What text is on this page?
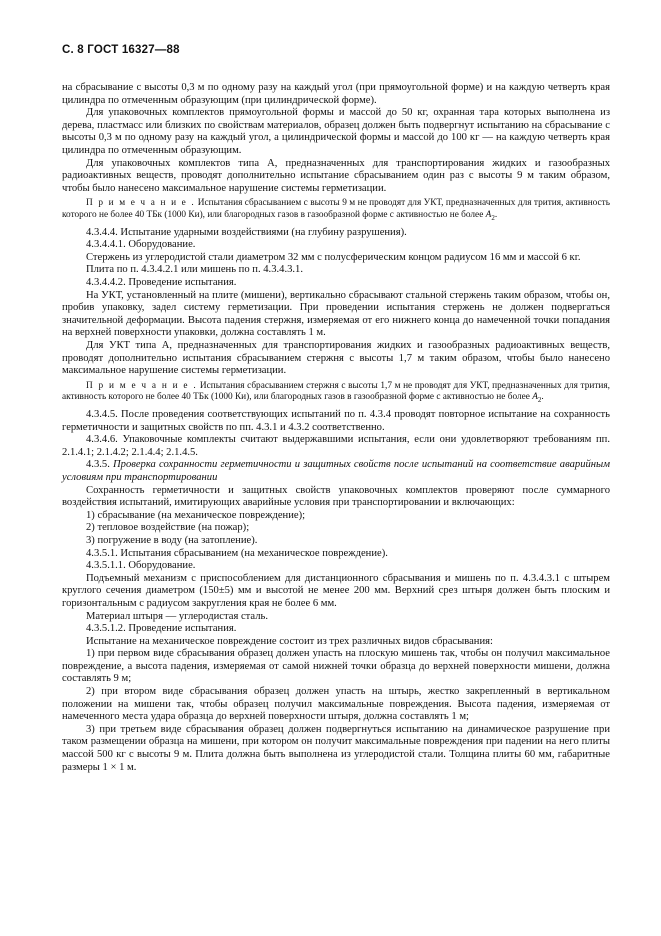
С. 8 ГОСТ 16327—88

на сбрасывание с высоты 0,3 м по одному разу на каждый угол (при прямоугольной форме) и на каждую четверть края цилиндра по отмеченным образующим (при цилиндрической форме).

Для упаковочных комплектов прямоугольной формы и массой до 50 кг, охранная тара которых выполнена из дерева, пластмасс или близких по свойствам материалов, образец должен быть подвергнут испытанию на сбрасывание с высоты 0,3 м по одному разу на каждый угол, а цилиндрической формы и массой до 100 кг — на каждую четверть края цилиндра по отмеченным образующим.

Для упаковочных комплектов типа А, предназначенных для транспортирования жидких и газообразных радиоактивных веществ, проводят дополнительно испытание сбрасыванием один раз с высоты 9 м таким образом, чтобы было нанесено максимальное нарушение системы герметизации.

П р и м е ч а н и е . Испытания сбрасыванием с высоты 9 м не проводят для УКТ, предназначенных для трития, активность которого не более 40 ТБк (1000 Ки), или благородных газов в газообразной форме с активностью не более $A_2$.

4.3.4.4. Испытание ударными воздействиями (на глубину разрушения).

4.3.4.4.1. Оборудование.

Стержень из углеродистой стали диаметром 32 мм с полусферическим концом радиусом 16 мм и массой 6 кг.

Плита по п. 4.3.4.2.1 или мишень по п. 4.3.4.3.1.

4.3.4.4.2. Проведение испытания.

На УКТ, установленный на плите (мишени), вертикально сбрасывают стальной стержень таким образом, чтобы он, пробив упаковку, задел систему герметизации. При проведении испытания стержень не должен подвергаться значительной деформации. Высота падения стержня, измеряемая от его нижнего конца до намеченной точки попадания на верхней поверхности упаковки, должна составлять 1 м.

Для УКТ типа А, предназначенных для транспортирования жидких и газообразных радиоактивных веществ, проводят дополнительно испытания сбрасыванием стержня с высоты 1,7 м таким образом, чтобы было нанесено максимальное нарушение системы герметизации.

П р и м е ч а н и е . Испытания сбрасыванием стержня с высоты 1,7 м не проводят для УКТ, предназначенных для трития, активность которого не более 40 ТБк (1000 Ки), или благородных газов в газообразной форме с активностью не более $A_2$.

4.3.4.5. После проведения соответствующих испытаний по п. 4.3.4 проводят повторное испытание на сохранность герметичности и защитных свойств по пп. 4.3.1 и 4.3.2 соответственно.

4.3.4.6. Упаковочные комплекты считают выдержавшими испытания, если они удовлетворяют требованиям пп. 2.1.4.1; 2.1.4.2; 2.1.4.4; 2.1.4.5.

4.3.5. Проверка сохранности герметичности и защитных свойств после испытаний на соответствие аварийным условиям при транспортировании

Сохранность герметичности и защитных свойств упаковочных комплектов проверяют после суммарного воздействия испытаний, имитирующих аварийные условия при транспортировании и включающих:

1) сбрасывание (на механическое повреждение);

2) тепловое воздействие (на пожар);

3) погружение в воду (на затопление).

4.3.5.1. Испытания сбрасыванием (на механическое повреждение).

4.3.5.1.1. Оборудование.

Подъемный механизм с приспособлением для дистанционного сбрасывания и мишень по п. 4.3.4.3.1 с штырем круглого сечения диаметром (150±5) мм и высотой не менее 200 мм. Верхний срез штыря должен быть плоским и горизонтальным с радиусом закругления края не более 6 мм.

Материал штыря — углеродистая сталь.

4.3.5.1.2. Проведение испытания.

Испытание на механическое повреждение состоит из трех различных видов сбрасывания:

1) при первом виде сбрасывания образец должен упасть на плоскую мишень так, чтобы он получил максимальное повреждение, а высота падения, измеряемая от самой нижней точки образца до верхней поверхности мишени, должна составлять 9 м;

2) при втором виде сбрасывания образец должен упасть на штырь, жестко закрепленный в вертикальном положении на мишени так, чтобы образец получил максимальные повреждения. Высота падения, измеряемая от намеченного места удара образца до верхней поверхности штыря, должна составлять 1 м;

3) при третьем виде сбрасывания образец должен подвергнуться испытанию на динамическое разрушение при таком размещении образца на мишени, при котором он получит максимальные повреждения при падении на него плиты массой 500 кг с высоты 9 м. Плита должна быть выполнена из углеродистой стали. Толщина плиты 60 мм, габаритные размеры 1 × 1 м.
